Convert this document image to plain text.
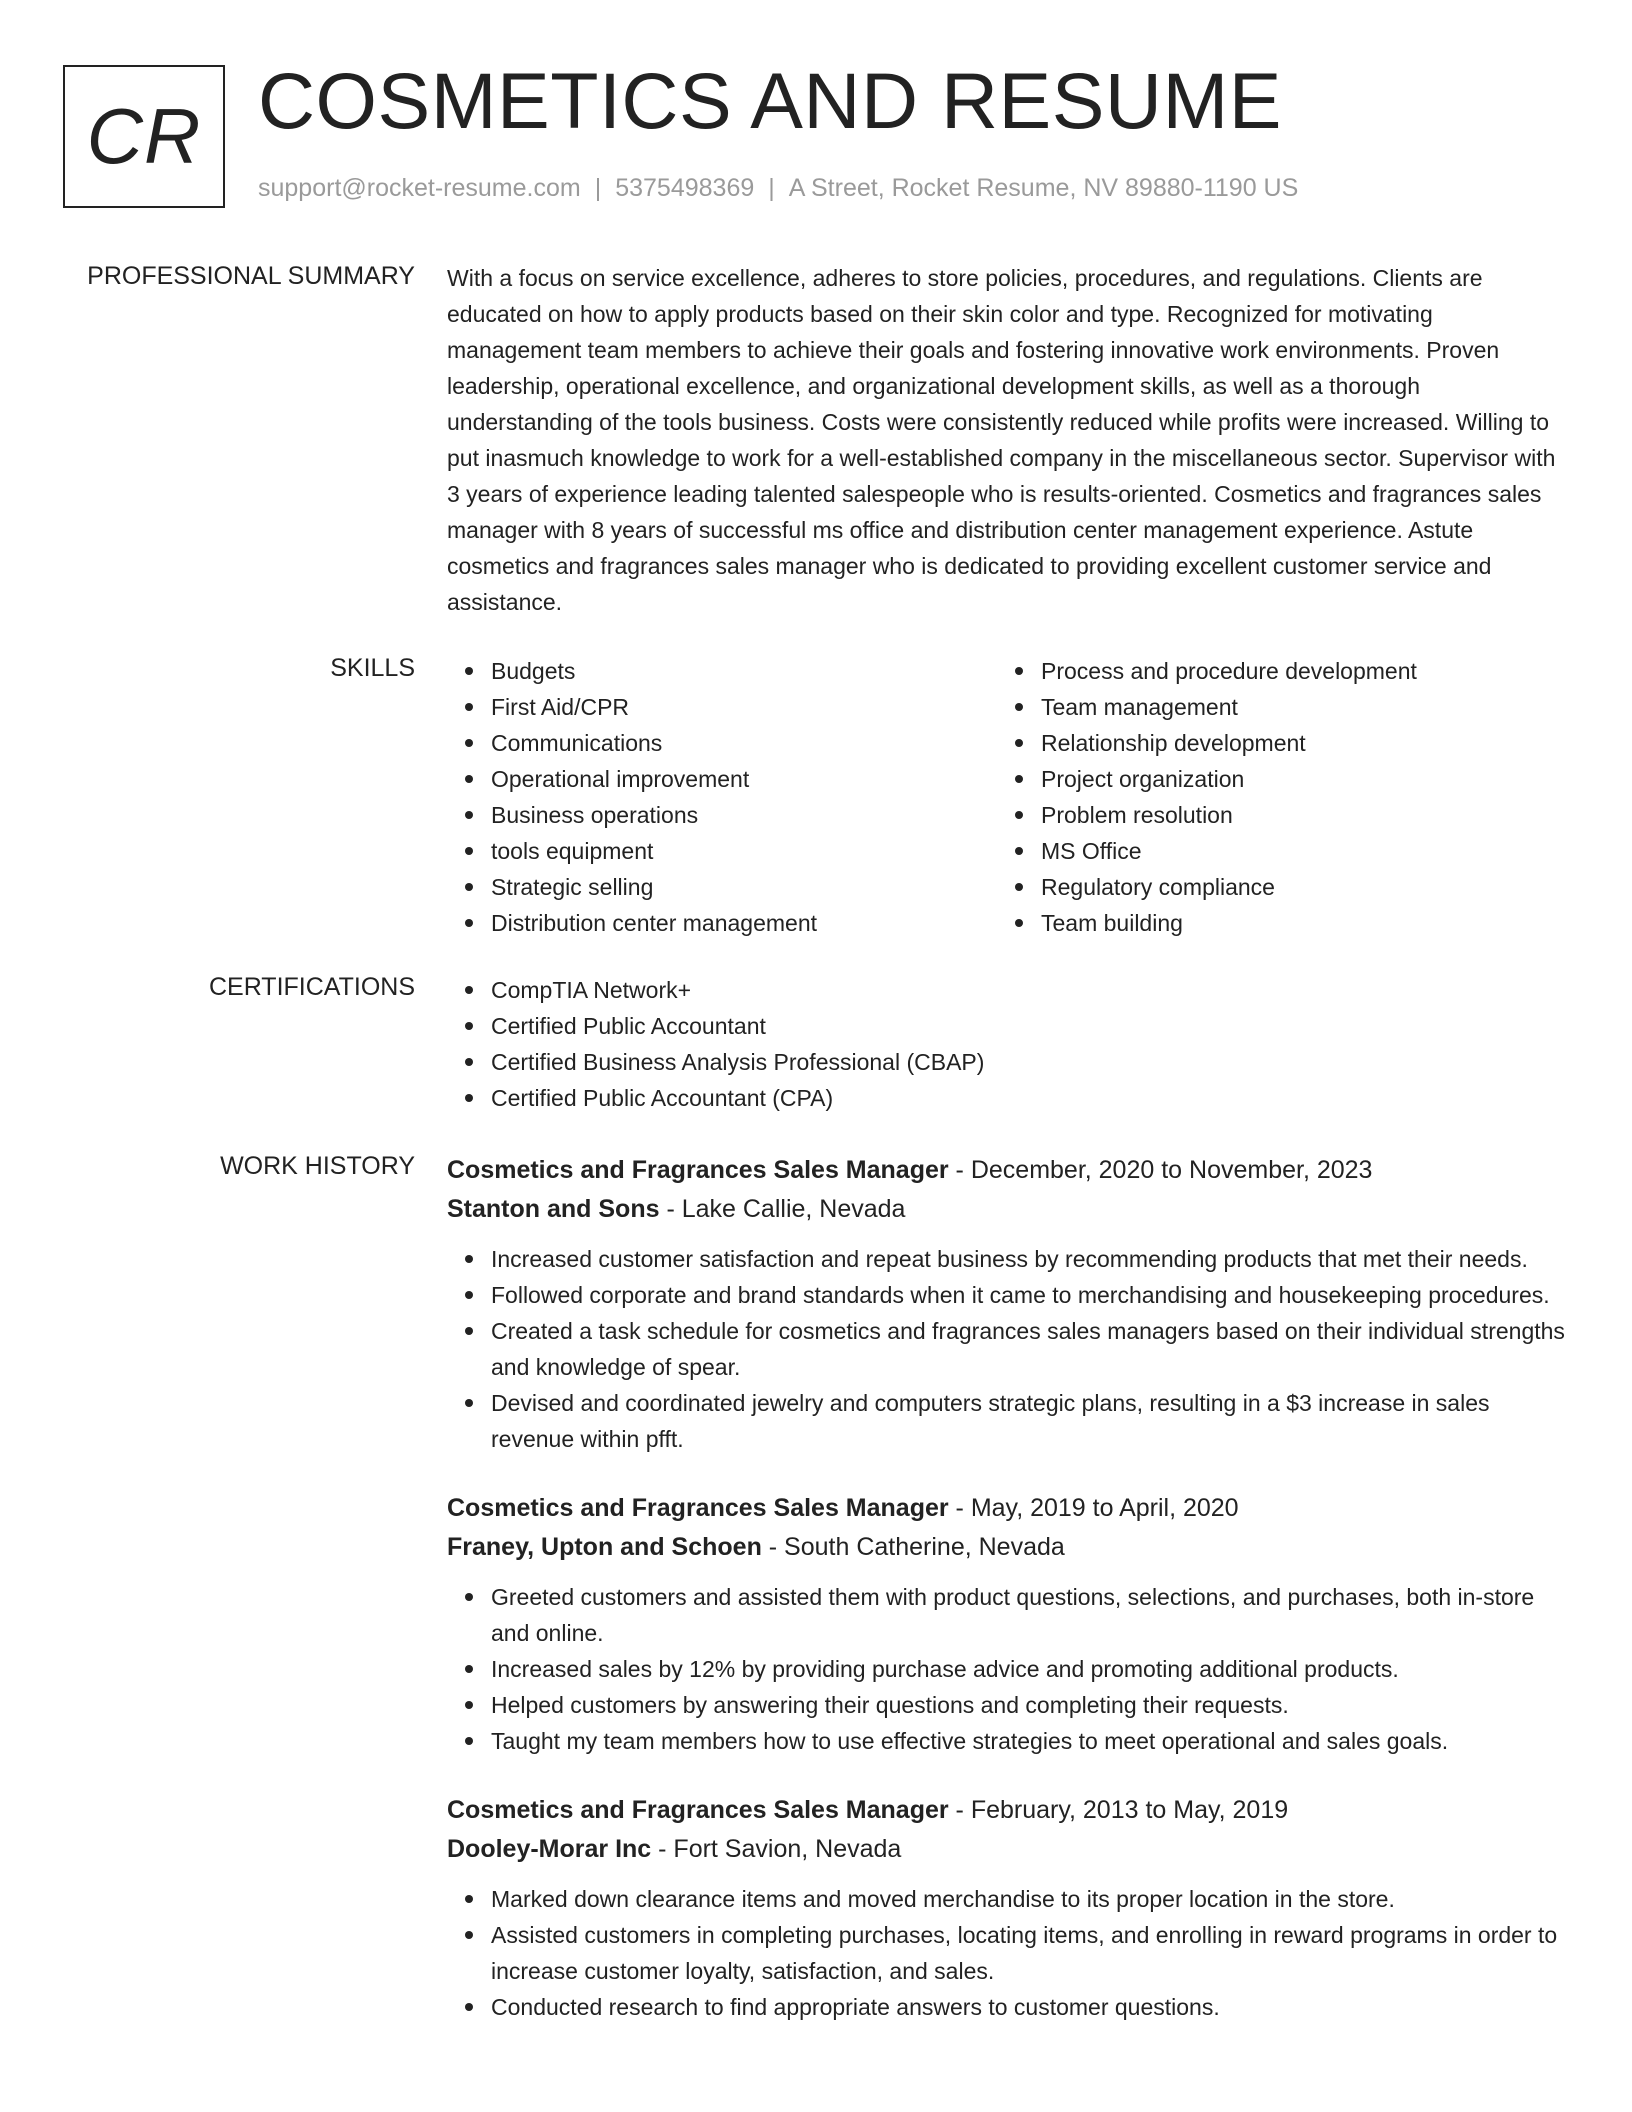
CR COSMETICS AND RESUME
support@rocket-resume.com | 5375498369 | A Street, Rocket Resume, NV 89880-1190 US
PROFESSIONAL SUMMARY With a focus on service excellence, adheres to store policies, procedures, and regulations. Clients are educated on how to apply products based on their skin color and type. Recognized for motivating management team members to achieve their goals and fostering innovative work environments. Proven leadership, operational excellence, and organizational development skills, as well as a thorough understanding of the tools business. Costs were consistently reduced while profits were increased. Willing to put inasmuch knowledge to work for a well-established company in the miscellaneous sector. Supervisor with 3 years of experience leading talented salespeople who is results-oriented. Cosmetics and fragrances sales manager with 8 years of successful ms office and distribution center management experience. Astute cosmetics and fragrances sales manager who is dedicated to providing excellent customer service and assistance.

SKILLS	Budgets
First Aid/CPR
Communications
Operational improvement
Business operations
tools equipment
Strategic selling
Distribution center management
Process and procedure development
Team management
Relationship development
Project organization
Problem resolution
MS Office
Regulatory compliance
Team building
CERTIFICATIONS	CompTIA Network+
Certified Public Accountant
Certified Business Analysis Professional (CBAP)
Certified Public Accountant (CPA)
WORK HISTORY Cosmetics and Fragrances Sales Manager - December, 2020 to November, 2023
Stanton and Sons - Lake Callie, Nevada
Increased customer satisfaction and repeat business by recommending products that met their needs.
Followed corporate and brand standards when it came to merchandising and housekeeping procedures.
Created a task schedule for cosmetics and fragrances sales managers based on their individual strengths and knowledge of spear.
Devised and coordinated jewelry and computers strategic plans, resulting in a $3 increase in sales revenue within pfft.
Cosmetics and Fragrances Sales Manager - May, 2019 to April, 2020
Franey, Upton and Schoen - South Catherine, Nevada
Greeted customers and assisted them with product questions, selections, and purchases, both in-store and online.
Increased sales by 12% by providing purchase advice and promoting additional products.
Helped customers by answering their questions and completing their requests.
Taught my team members how to use effective strategies to meet operational and sales goals.
Cosmetics and Fragrances Sales Manager - February, 2013 to May, 2019
Dooley-Morar Inc - Fort Savion, Nevada
Marked down clearance items and moved merchandise to its proper location in the store.
Assisted customers in completing purchases, locating items, and enrolling in reward programs in order to increase customer loyalty, satisfaction, and sales.
Conducted research to find appropriate answers to customer questions.
